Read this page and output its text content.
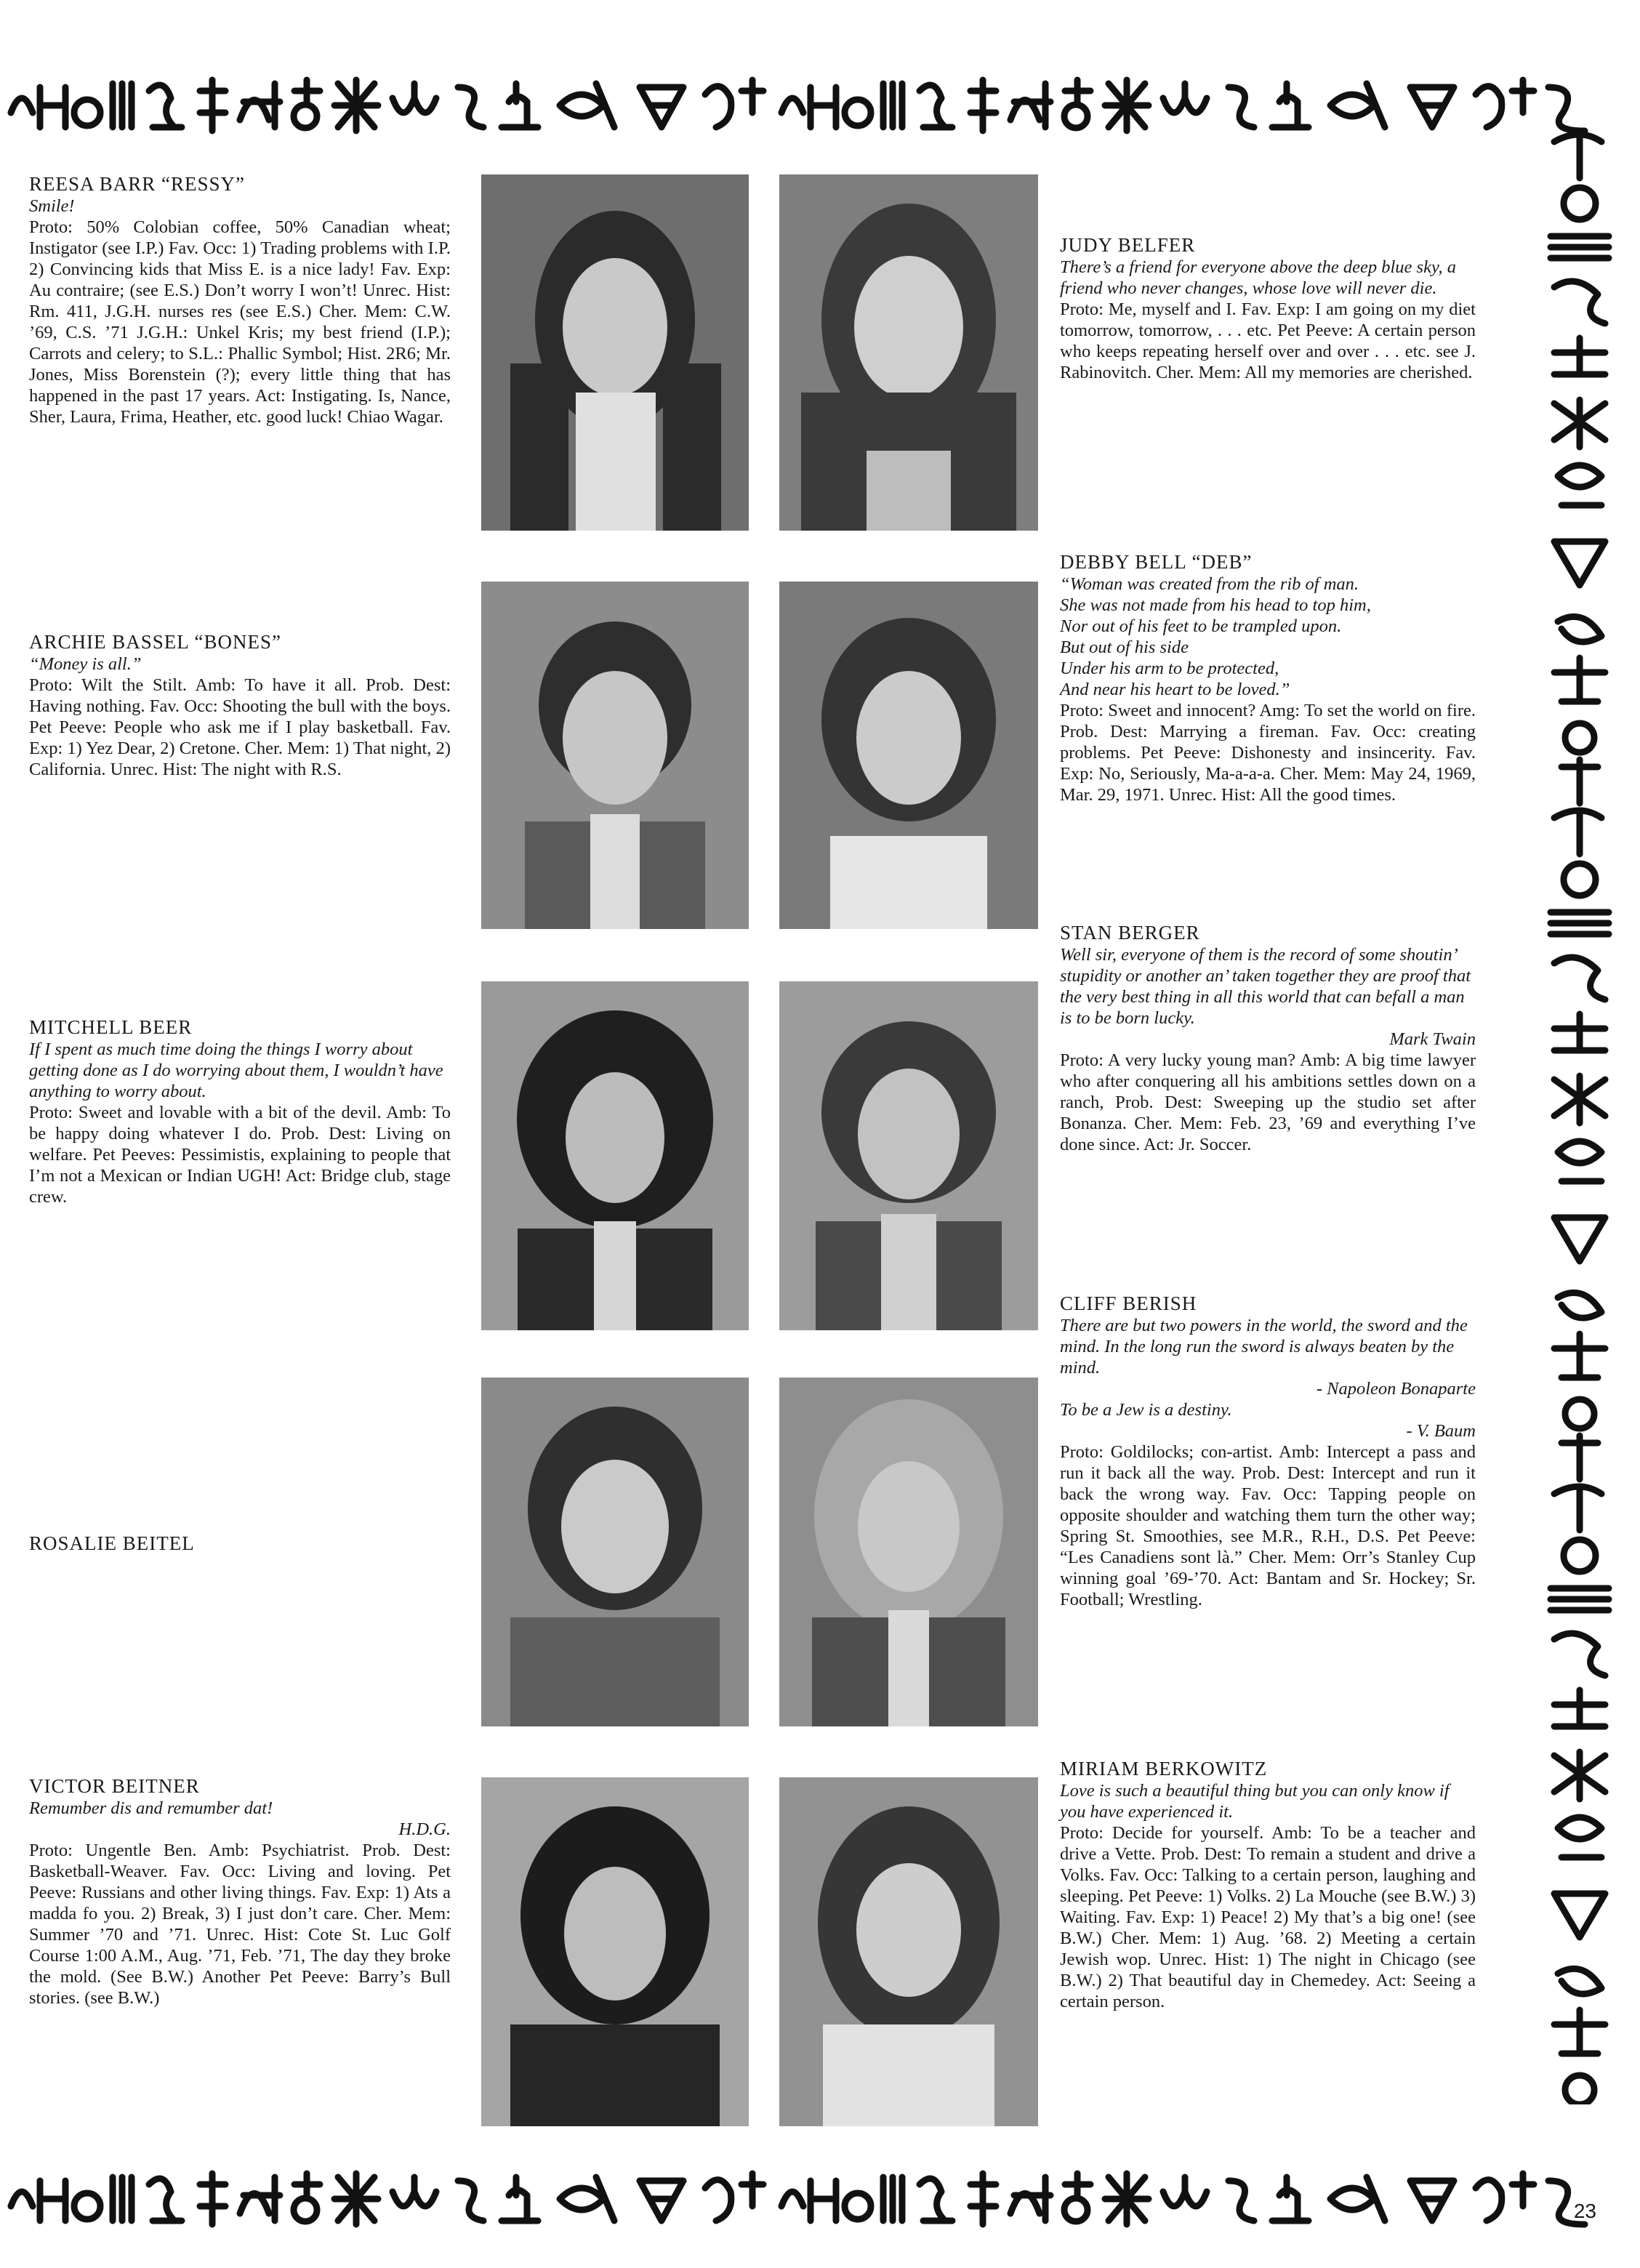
REESA BARR “RESSY”
Smile!
Proto: 50% Colobian coffee, 50% Canadian wheat; Instigator (see I.P.) Fav. Occ: 1) Trading problems with I.P. 2) Convincing kids that Miss E. is a nice lady! Fav. Exp: Au contraire; (see E.S.) Don’t worry I won’t! Unrec. Hist: Rm. 411, J.G.H. nurses res (see E.S.) Cher. Mem: C.W. ’69, C.S. ’71 J.G.H.: Unkel Kris; my best friend (I.P.); Carrots and celery; to S.L.: Phallic Symbol; Hist. 2R6; Mr. Jones, Miss Borenstein (?); every little thing that has happened in the past 17 years. Act: Instigating. Is, Nance, Sher, Laura, Frima, Heather, etc. good luck! Chiao Wagar.
ARCHIE BASSEL “BONES”
“Money is all.”
Proto: Wilt the Stilt. Amb: To have it all. Prob. Dest: Having nothing. Fav. Occ: Shooting the bull with the boys. Pet Peeve: People who ask me if I play basketball. Fav. Exp: 1) Yez Dear, 2) Cretone. Cher. Mem: 1) That night, 2) California. Unrec. Hist: The night with R.S.
MITCHELL BEER
If I spent as much time doing the things I worry about getting done as I do worrying about them, I wouldn’t have anything to worry about.
Proto: Sweet and lovable with a bit of the devil. Amb: To be happy doing whatever I do. Prob. Dest: Living on welfare. Pet Peeves: Pessimistis, explaining to people that I’m not a Mexican or Indian UGH! Act: Bridge club, stage crew.
ROSALIE BEITEL
VICTOR BEITNER
Remumber dis and remumber dat!
H.D.G.
Proto: Ungentle Ben. Amb: Psychiatrist. Prob. Dest: Basketball-Weaver. Fav. Occ: Living and loving. Pet Peeve: Russians and other living things. Fav. Exp: 1) Ats a madda fo you. 2) Break, 3) I just don’t care. Cher. Mem: Summer ’70 and ’71. Unrec. Hist: Cote St. Luc Golf Course 1:00 A.M., Aug. ’71, Feb. ’71, The day they broke the mold. (See B.W.) Another Pet Peeve: Barry’s Bull stories. (see B.W.)
JUDY BELFER
There’s a friend for everyone above the deep blue sky, a friend who never changes, whose love will never die.
Proto: Me, myself and I. Fav. Exp: I am going on my diet tomorrow, tomorrow, . . . etc. Pet Peeve: A certain person who keeps repeating herself over and over . . . etc. see J. Rabinovitch. Cher. Mem: All my memories are cherished.
DEBBY BELL “DEB”
“Woman was created from the rib of man.
She was not made from his head to top him,
Nor out of his feet to be trampled upon.
But out of his side
Under his arm to be protected,
And near his heart to be loved.”
Proto: Sweet and innocent? Amg: To set the world on fire. Prob. Dest: Marrying a fireman. Fav. Occ: creating problems. Pet Peeve: Dishonesty and insincerity. Fav. Exp: No, Seriously, Ma-a-a-a. Cher. Mem: May 24, 1969, Mar. 29, 1971. Unrec. Hist: All the good times.
STAN BERGER
Well sir, everyone of them is the record of some shoutin’ stupidity or another an’ taken together they are proof that the very best thing in all this world that can befall a man is to be born lucky.
Mark Twain
Proto: A very lucky young man? Amb: A big time lawyer who after conquering all his ambitions settles down on a ranch, Prob. Dest: Sweeping up the studio set after Bonanza. Cher. Mem: Feb. 23, ’69 and everything I’ve done since. Act: Jr. Soccer.
CLIFF BERISH
There are but two powers in the world, the sword and the mind. In the long run the sword is always beaten by the mind.
- Napoleon Bonaparte
To be a Jew is a destiny.
- V. Baum
Proto: Goldilocks; con-artist. Amb: Intercept a pass and run it back all the way. Prob. Dest: Intercept and run it back the wrong way. Fav. Occ: Tapping people on opposite shoulder and watching them turn the other way; Spring St. Smoothies, see M.R., R.H., D.S. Pet Peeve: “Les Canadiens sont là.” Cher. Mem: Orr’s Stanley Cup winning goal ’69-’70. Act: Bantam and Sr. Hockey; Sr. Football; Wrestling.
MIRIAM BERKOWITZ
Love is such a beautiful thing but you can only know if you have experienced it.
Proto: Decide for yourself. Amb: To be a teacher and drive a Vette. Prob. Dest: To remain a student and drive a Volks. Fav. Occ: Talking to a certain person, laughing and sleeping. Pet Peeve: 1) Volks. 2) La Mouche (see B.W.) 3) Waiting. Fav. Exp: 1) Peace! 2) My that’s a big one! (see B.W.) Cher. Mem: 1) Aug. ’68. 2) Meeting a certain Jewish wop. Unrec. Hist: 1) The night in Chicago (see B.W.) 2) That beautiful day in Chemedey. Act: Seeing a certain person.
23
